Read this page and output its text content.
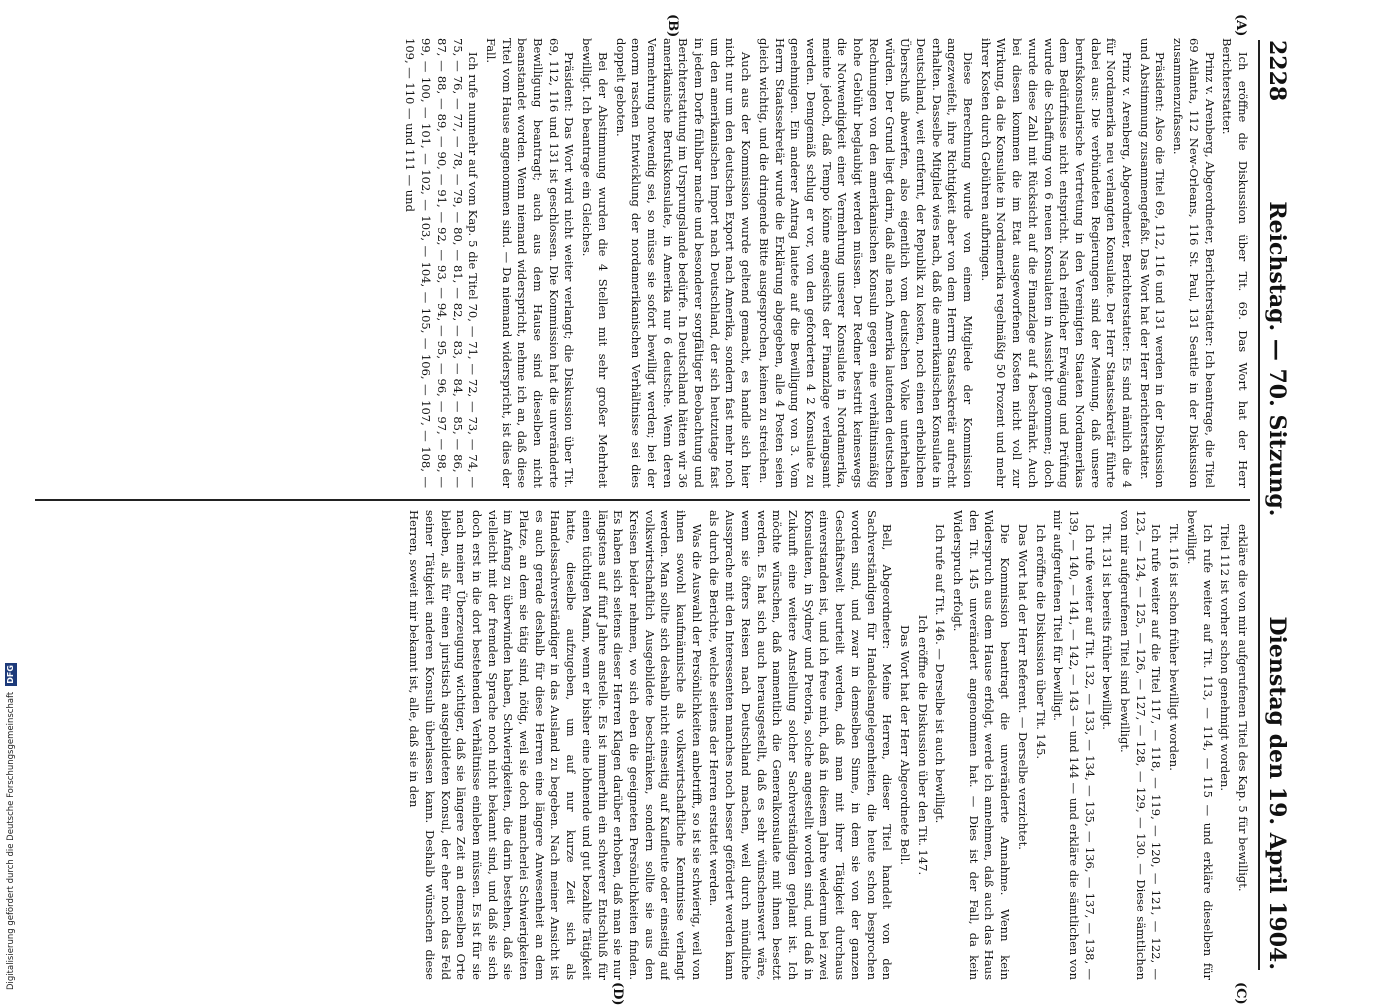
2228
Reichstag. — 70. Sitzung.
Dienstag den 19. April 1904.
(A)
(B)
(C)
(D)

Ich eröffne die Diskussion über Tit. 69. Das Wort hat der Herr Berichterstatter.

Prinz v. Arenberg, Abgeordneter, Berichterstatter: Ich beantrage, die Titel 69 Atlanta, 112 New-Orleans, 116 St. Paul, 131 Seattle in der Diskussion zusammenzufassen.

Präsident: Also die Titel 69, 112, 116 und 131 werden in der Diskussion und Abstimmung zusammengefaßt. Das Wort hat der Herr Berichterstatter.

Prinz v. Arenberg, Abgeordneter, Berichterstatter: Es sind nämlich die 4 für Nordamerika neu verlangten Konsulate. Der Herr Staatssekretär führte dabei aus: Die verbündeten Regierungen sind der Meinung, daß unsere berufskonsularische Vertretung in den Vereinigten Staaten Nordamerikas dem Bedürfnisse nicht entspricht. Nach reiflicher Erwägung und Prüfung wurde die Schaffung von 6 neuen Konsulaten in Aussicht genommen; doch wurde diese Zahl mit Rücksicht auf die Finanzlage auf 4 beschränkt. Auch bei diesen kommen die im Etat ausgeworfenen Kosten nicht voll zur Wirkung, da die Konsulate in Nordamerika regelmäßig 50 Prozent und mehr ihrer Kosten durch Gebühren aufbringen.

Diese Berechnung wurde von einem Mitgliede der Kommission angezweifelt, ihre Richtigkeit aber von dem Herrn Staatssekretär aufrecht erhalten. Dasselbe Mitglied wies nach, daß die amerikanischen Konsulate in Deutschland, weit entfernt, der Republik zu kosten, noch einen erheblichen Überschuß abwerfen, also eigentlich vom deutschen Volke unterhalten würden. Der Grund liegt darin, daß alle nach Amerika lautenden deutschen Rechnungen von den amerikanischen Konsuln gegen eine verhältnismäßig hohe Gebühr beglaubigt werden müssen. Der Redner bestritt keineswegs die Notwendigkeit einer Vermehrung unserer Konsulate in Nordamerika, meinte jedoch, daß Tempo könne angesichts der Finanzlage verlangsamt werden. Demgemäß schlug er vor, von den geforderten 4 2 Konsulate zu genehmigen. Ein anderer Antrag lautete auf die Bewilligung von 3. Vom Herrn Staatssekretär wurde die Erklärung abgegeben, alle 4 Posten seien gleich wichtig, und die dringende Bitte ausgesprochen, keinen zu streichen.

Auch aus der Kommission wurde geltend gemacht, es handle sich hier nicht nur um den deutschen Export nach Amerika, sondern fast mehr noch um den amerikanischen Import nach Deutschland, der sich heutzutage fast in jedem Dorfe fühlbar mache und besonderer sorgfältiger Beobachtung und Berichterstattung im Ursprungslande bedürfe. In Deutschland hätten wir 36 amerikanische Berufskonsulate, in Amerika nur 6 deutsche. Wenn deren Vermehrung notwendig sei, so müsse sie sofort bewilligt werden; bei der enorm raschen Entwicklung der nordamerikanischen Verhältnisse sei dies doppelt geboten.

Bei der Abstimmung wurden die 4 Stellen mit sehr großer Mehrheit bewilligt. Ich beantrage ein Gleiches.

Präsident: Das Wort wird nicht weiter verlangt; die Diskussion über Tit. 69, 112, 116 und 131 ist geschlossen. Die Kommission hat die unveränderte Bewilligung beantragt; auch aus dem Hause sind dieselben nicht beanstandet worden. Wenn niemand widerspricht, nehme ich an, daß diese Titel vom Hause angenommen sind. — Da niemand widerspricht, ist dies der Fall.

Ich rufe nunmehr auf vom Kap. 5 die Titel 70, — 71, — 72, — 73, — 74, — 75, — 76, — 77, — 78, — 79, — 80, — 81, — 82, — 83, — 84, — 85, — 86, — 87, — 88, — 89, — 90, — 91, — 92, — 93, — 94, — 95, — 96, — 97, — 98, — 99, — 100, — 101, — 102, — 103, — 104, — 105, — 106, — 107, — 108, — 109, — 110 — und 111 — und

erkläre die von mir aufgerufenen Titel des Kap. 5 für bewilligt.

Titel 112 ist vorher schon genehmigt worden.

Ich rufe weiter auf Tit. 113, — 114, — 115 — und erkläre dieselben für bewilligt.

Tit. 116 ist schon früher bewilligt worden.

Ich rufe weiter auf die Titel 117, — 118, — 119, — 120, — 121, — 122, — 123, — 124, — 125, — 126, — 127, — 128, — 129, — 130. — Diese sämtlichen von mir aufgerufenen Titel sind bewilligt.

Tit. 131 ist bereits früher bewilligt.

Ich rufe weiter auf Tit. 132, — 133, — 134, — 135, — 136, — 137, — 138, — 139, — 140, — 141, — 142, — 143 — und 144 — und erkläre die sämtlichen von mir aufgerufenen Titel für bewilligt.

Ich eröffne die Diskussion über Tit. 145.

Das Wort hat der Herr Referent. — Derselbe verzichtet.

Die Kommission beantragt die unveränderte Annahme. Wenn kein Widerspruch aus dem Hause erfolgt, werde ich annehmen, daß auch das Haus den Tit. 145 unverändert angenommen hat. — Dies ist der Fall, da kein Widerspruch erfolgt.

Ich rufe auf Tit. 146. — Derselbe ist auch bewilligt.

Ich eröffne die Diskussion über den Tit. 147.

Das Wort hat der Herr Abgeordnete Bell.

Bell, Abgeordneter: Meine Herren, dieser Titel handelt von den Sachverständigen für Handelsangelegenheiten, die heute schon besprochen worden sind, und zwar in demselben Sinne, in dem sie von der ganzen Geschäftswelt beurteilt werden, daß man mit ihrer Tätigkeit durchaus einverstanden ist, und ich freue mich, daß in diesem Jahre wiederum bei zwei Konsulaten, in Sydney und Pretoria, solche angestellt worden sind, und daß in Zukunft eine weitere Anstellung solcher Sachverständigen geplant ist. Ich möchte wünschen, daß namentlich die Generalkonsulate mit ihnen besetzt werden. Es hat sich auch herausgestellt, daß es sehr wünschenswert wäre, wenn sie öfters Reisen nach Deutschland machen, weil durch mündliche Aussprache mit den Interessenten manches noch besser gefördert werden kann als durch die Berichte, welche seitens der Herren erstattet werden.

Was die Auswahl der Persönlichkeiten anbetrifft, so ist sie schwierig, weil von ihnen sowohl kaufmännische als volkswirtschaftliche Kenntnisse verlangt werden. Man sollte sich deshalb nicht einseitig auf Kaufleute oder einseitig auf volkswirtschaftlich Ausgebildete beschränken, sondern sollte sie aus den Kreisen beider nehmen, wo sich eben die geeigneten Persönlichkeiten finden. Es haben sich seitens dieser Herren Klagen darüber erhoben, daß man sie nur längstens auf fünf Jahre anstelle. Es ist immerhin ein schwerer Entschluß für einen tüchtigen Mann, wenn er bisher eine lohnende und gut bezahlte Tätigkeit hatte, dieselbe aufzugeben, um auf nur kurze Zeit sich als Handelssachverständiger in das Ausland zu begeben. Nach meiner Ansicht ist es auch gerade deshalb für diese Herren eine längere Anwesenheit an dem Platze, an dem sie tätig sind, nötig, weil sie doch mancherlei Schwierigkeiten im Anfang zu überwinden haben, Schwierigkeiten, die darin bestehen, daß sie vielleicht mit der fremden Sprache noch nicht bekannt sind, und daß sie sich doch erst in die dort bestehenden Verhältnisse einleben müssen. Es ist für sie nach meiner Überzeugung wichtiger, daß sie längere Zeit an demselben Orte bleiben, als für einen juristisch ausgebildeten Konsul, der eher noch das Feld seiner Tätigkeit anderen Konsuln überlassen kann. Deshalb wünschen diese Herren, soweit mir bekannt ist, alle, daß sie in den

Digitalisierung gefördert durch die Deutsche Forschungsgemeinschaft
DFG
